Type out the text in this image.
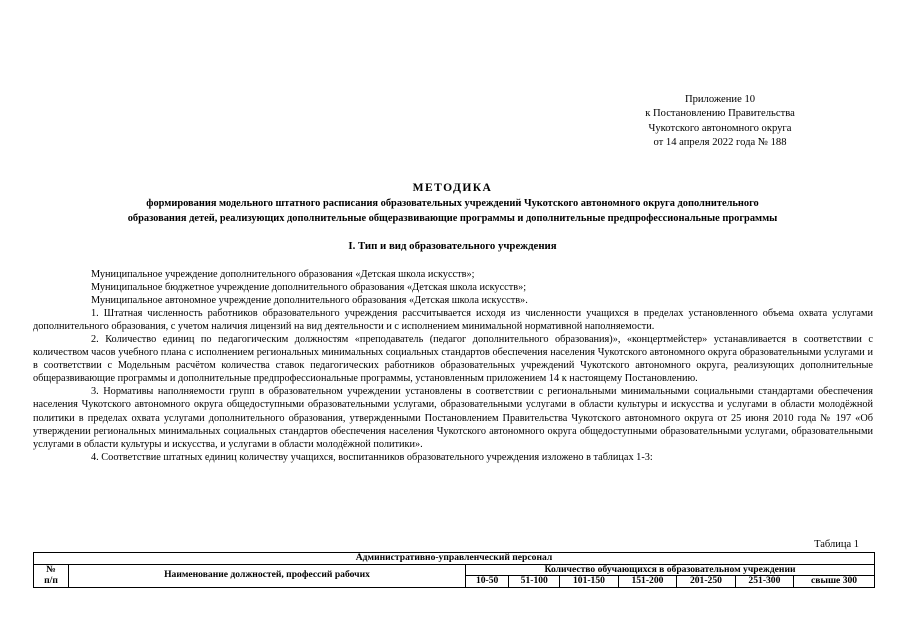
Приложение 10
к Постановлению Правительства
Чукотского автономного округа
от 14 апреля 2022 года № 188
МЕТОДИКА
формирования модельного штатного расписания образовательных учреждений Чукотского автономного округа дополнительного
образования детей, реализующих дополнительные общеразвивающие программы и дополнительные предпрофессиональные программы
I. Тип и вид образовательного учреждения

Муниципальное учреждение дополнительного образования «Детская школа искусств»;

Муниципальное бюджетное учреждение дополнительного образования «Детская школа искусств»;

Муниципальное автономное учреждение дополнительного образования «Детская школа искусств».

1. Штатная численность работников образовательного учреждения рассчитывается исходя из численности учащихся в пределах установленного объема охвата услугами дополнительного образования, с учетом наличия лицензий на вид деятельности и с исполнением минимальной нормативной наполняемости.

2. Количество единиц по педагогическим должностям «преподаватель (педагог дополнительного образования)», «концертмейстер» устанавливается в соответствии с количеством часов учебного плана с исполнением региональных минимальных социальных стандартов обеспечения населения Чукотского автономного округа образовательными услугами и в соответствии с Модельным расчётом количества ставок педагогических работников образовательных учреждений Чукотского автономного округа, реализующих дополнительные общеразвивающие программы и дополнительные предпрофессиональные программы, установленным приложением 14 к настоящему Постановлению.

3. Нормативы наполняемости групп в образовательном учреждении установлены в соответствии с региональными минимальными социальными стандартами обеспечения населения Чукотского автономного округа общедоступными образовательными услугами, образовательными услугами в области культуры и искусства и услугами в области молодёжной политики в пределах охвата услугами дополнительного образования, утвержденными Постановлением Правительства Чукотского автономного округа от 25 июня 2010 года № 197 «Об утверждении региональных минимальных социальных стандартов обеспечения населения Чукотского автономного округа общедоступными образовательными услугами, образовательными услугами в области культуры и искусства, и услугами в области молодёжной политики».

4. Соответствие штатных единиц количеству учащихся, воспитанников образовательного учреждения изложено в таблицах 1-3:

Таблица 1
Административно-управленческий персонал								

№
п/п	Наименование должностей, профессий рабочих	Количество обучающихся в образовательном учреждении						
		10-50	51-100	101-150	151-200	201-250	251-300	свыше 300
